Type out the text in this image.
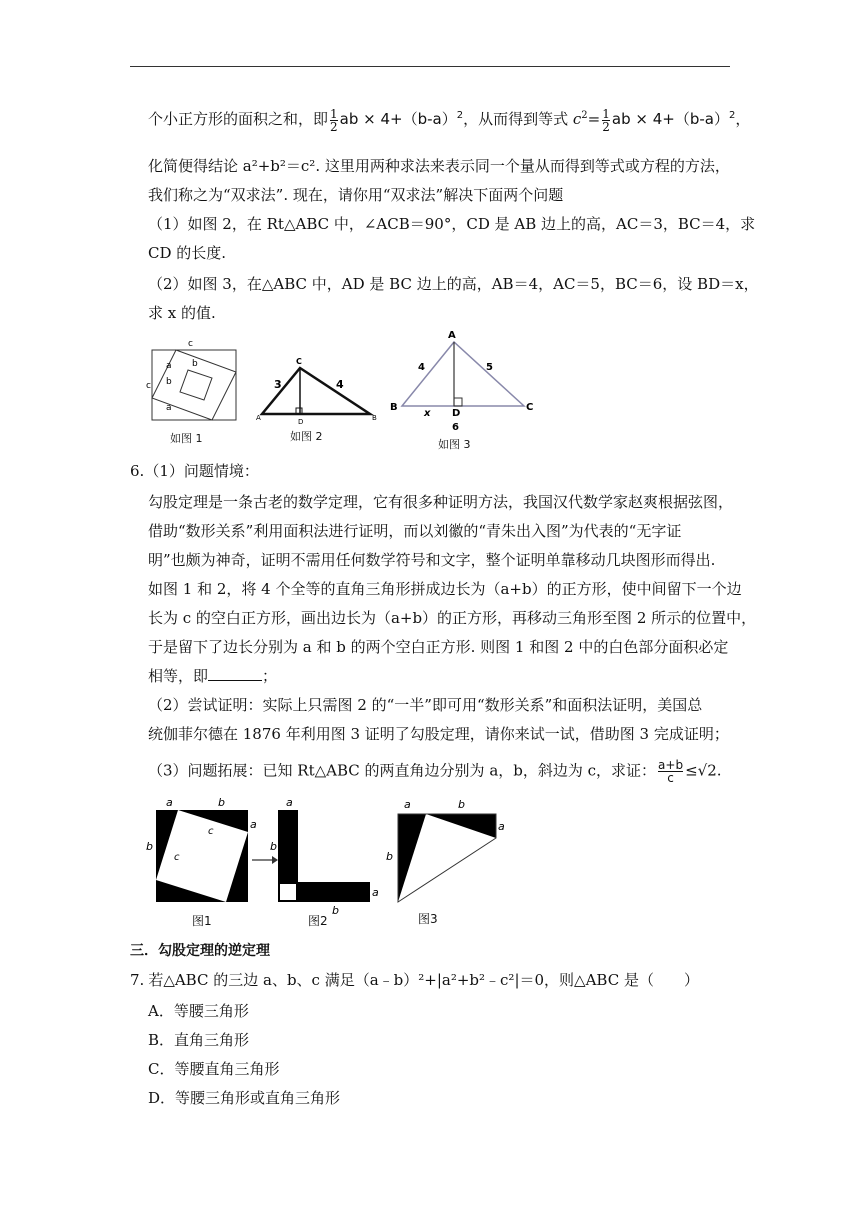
个小正方形的面积之和，即 $\frac{1}{2}$ ab × $4+(b-a)^2$，从而得到等式 $c^2= \frac{1}{2}$ ab × $4+(b-a)^2$，
化简便得结论 a²+b²＝c². 这里用两种求法来表示同一个量从而得到等式或方程的方法，
我们称之为“双求法”. 现在，请你用“双求法”解决下面两个问题
（1）如图 2，在 Rt△ABC 中，∠ACB＝90°，CD 是 AB 边上的高，AC＝3，BC＝4，求
CD 的长度.
（2）如图 3，在△ABC 中，AD 是 BC 边上的高，AB＝4，AC＝5，BC＝6，设 BD＝x，
求 x 的值.
c
a b
c b
a
如图 1
C
3	4
A	D	B
如图 2
A
4	5
B
x D
C
6
如图 3
6.（1）问题情境：
勾股定理是一条古老的数学定理，它有很多种证明方法，我国汉代数学家赵爽根据弦图，
借助“数形关系”利用面积法进行证明，而以刘徽的“青朱出入图”为代表的“无字证
明”也颇为神奇，证明不需用任何数学符号和文字，整个证明单靠移动几块图形而得出.
如图 1 和 2，将 4 个全等的直角三角形拼成边长为（a+b）的正方形，使中间留下一个边
长为 c 的空白正方形，画出边长为（a+b）的正方形，再移动三角形至图 2 所示的位置中，
于是留下了边长分别为 a 和 b 的两个空白正方形. 则图 1 和图 2 中的白色部分面积必定
相等，即	；
（2）尝试证明：实际上只需图 2 的“一半”即可用“数形关系”和面积法证明，美国总
统伽菲尔德在 1876 年利用图 3 证明了勾股定理，请你来试一试，借助图 3 完成证明；
（3）问题拓展：已知 Rt△ABC 的两直角边分别为 a，b，斜边为 c，求证： $\frac{a+b}{c} \le√2$.
a	b
a
c
c
b
a
b
a
b
a	b
a
b
图1	图2	图3
三．勾股定理的逆定理
7. 若△ABC 的三边 a、b、c 满足（a﹣b）²+|a²+b²﹣c²|＝0，则△ABC 是（　　）
A．等腰三角形
B．直角三角形
C．等腰直角三角形
D．等腰三角形或直角三角形
